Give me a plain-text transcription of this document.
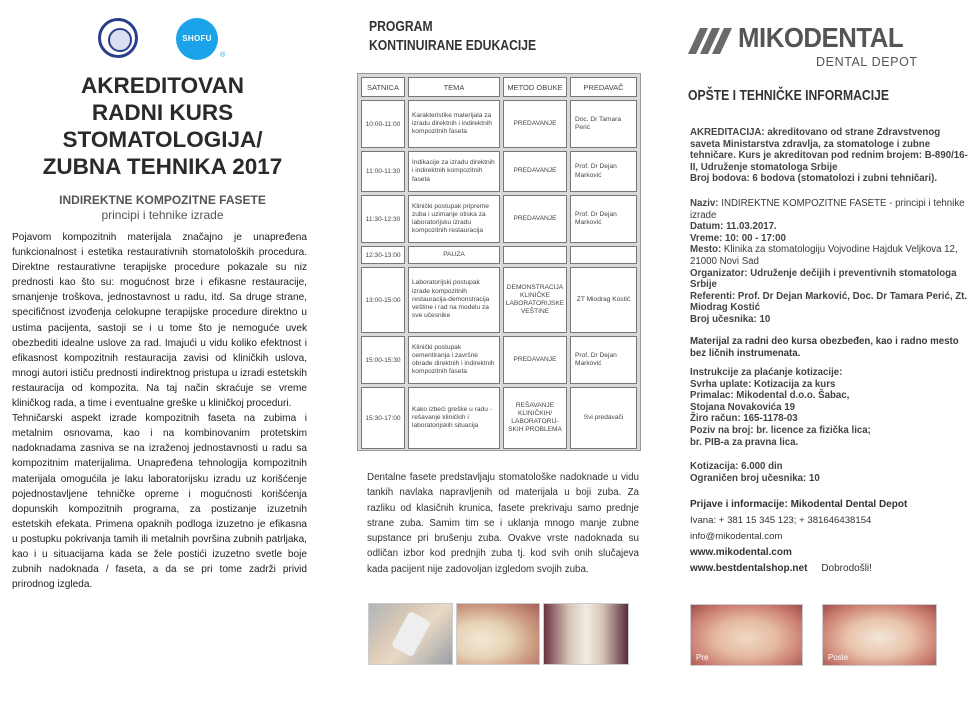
SHOFU
®
AKREDITOVAN
RADNI KURS
STOMATOLOGIJA/
ZUBNA TEHNIKA 2017
INDIREKTNE KOMPOZITNE FASETE
principi i tehnike izrade

Pojavom kompozitnih materijala značajno je unapređena funkcionalnost i estetika restaurativnih stomatoloških procedura. Direktne restaurativne terapijske procedure pokazale su niz prednosti kao što su: mogućnost brze i efikasne restauracije, smanjenje troškova, jednostavnost u radu, itd. Sa druge strane, specifičnost izvođenja celokupne terapijske procedure direktno u ustima pacijenta, sastoji se i u tome što je nemoguće uvek obezbediti idealne uslove za rad. Imajući u vidu koliko efektnost i efikasnost kompozitnih restauracija zavisi od kliničkih uslova, mnogi autori ističu prednosti indirektnog pristupa u izradi estetskih restauracija od kompozita. Na taj način skraćuje se vreme kliničkog rada, a time i eventualne greške u kliničkoj proceduri.

Tehničarski aspekt izrade kompozitnih faseta na zubima i metalnim osnovama, kao i na kombinovanim protetskim nadoknadama zasniva se na izraženoj jednostavnosti u radu sa kompozitnim materijalima. Unapređena tehnologija kompozitnih materijala omogućila je laku laboratorijsku izradu uz korišćenje pojednostavljene tehničke opreme i mogućnosti korišćenja dopunskih kompozitnih programa, za postizanje izuzetnih estetskih efekata. Primena opaknih podloga izuzetno je efikasna u postupku pokrivanja tamih ili metalnih površina zubnih patrljaka, kao i u situacijama kada se žele postići izuzetno svetle boje zubnih nadoknada / faseta, a da se pri tome zadrži privid prirodnog izgleda.

PROGRAM
KONTINUIRANE EDUKACIJE
SATNICA	TEMA	METOD OBUKE	PREDAVAČ
10:00-11:00	Karakteristike materijala za izradu direktnih i indirektnih kompozitnih faseta	PREDAVANJE	Doc. Dr Tamara Perić
11:00-11:30	Indikacije za izradu direktnih i indirektnih kompozitnih faseta	PREDAVANJE	Prof. Dr Dejan Marković
11:30-12:30	Klinički postupak pripreme zuba i uzimanje otiska za laboratorijsku izradu kompozitnih restauracija	PREDAVANJE	Prof. Dr Dejan Marković
12:30-13:00	PAUZA		
13:00-15:00	Laboratorijski postupak izrade kompozitnih restauracija-demonstracija veštine i rad na modelu za sve učesnike	DEMONSTRACIJA KLINIČKE LABORATORIJSKE VEŠTINE	ZT Miodrag Kostić
15:00-15:30	Klinički postupak cementiranja i završne obrade direktnih i indirektnih kompozitnih faseta	PREDAVANJE	Prof. Dr Dejan Marković
15:30-17:00	Kako izbeći greške u radu - rešavanje kliničkih i laboratorijskih situacija	REŠAVANJE KLINIČKIH/ LABORATORIJ-SKIH PROBLEMA	Svi predavači
Dentalne fasete predstavljaju stomatološke nadoknade u vidu tankih navlaka napravljenih od materijala u boji zuba. Za razliku od klasičnih krunica, fasete prekrivaju samo prednje strane zuba. Samim tim se i uklanja mnogo manje zubne supstance pri brušenju zuba. Ovakve vrste nadoknada su odličan izbor kod prednjih zuba tj. kod svih onih slučajeva kada pacijent nije zadovoljan izgledom svojih zuba.
MIKODENTAL
DENTAL DEPOT
OPŠTE I TEHNIČKE INFORMACIJE
AKREDITACIJA: akreditovano od strane Zdravstvenog saveta Ministarstva zdravlja, za stomatologe i zubne tehničare. Kurs je akreditovan pod rednim brojem: B-890/16-II, Udruženje stomatologa Srbije
Broj bodova: 6 bodova (stomatolozi i zubni tehničari).
Naziv: INDIREKTNE KOMPOZITNE FASETE - principi i tehnike izrade
Datum: 11.03.2017.
Vreme: 10: 00 - 17:00
Mesto: Klinika za stomatologiju Vojvodine Hajduk Veljkova 12, 21000 Novi Sad
Organizator: Udruženje dečijih i preventivnih stomatologa Srbije
Referenti: Prof. Dr Dejan Marković, Doc. Dr Tamara Perić, Zt. Miodrag Kostić
Broj učesnika: 10
Materijal za radni deo kursa obezbeđen, kao i radno mesto bez ličnih instrumenata.
Instrukcije za plaćanje kotizacije:
Svrha uplate: Kotizacija za kurs
Primalac: Mikodental d.o.o. Šabac,
Stojana Novakovića 19
Žiro račun: 165-1178-03
Poziv na broj: br. licence za fizička lica;
br. PIB-a za pravna lica.
Kotizacija: 6.000 din
Ograničen broj učesnika: 10
Prijave i informacije: Mikodental Dental Depot
Ivana: + 381 15 345 123; + 381646438154
info@mikodental.com
www.mikodental.com
www.bestdentalshop.net Dobrodošli!
Pre	Posle
